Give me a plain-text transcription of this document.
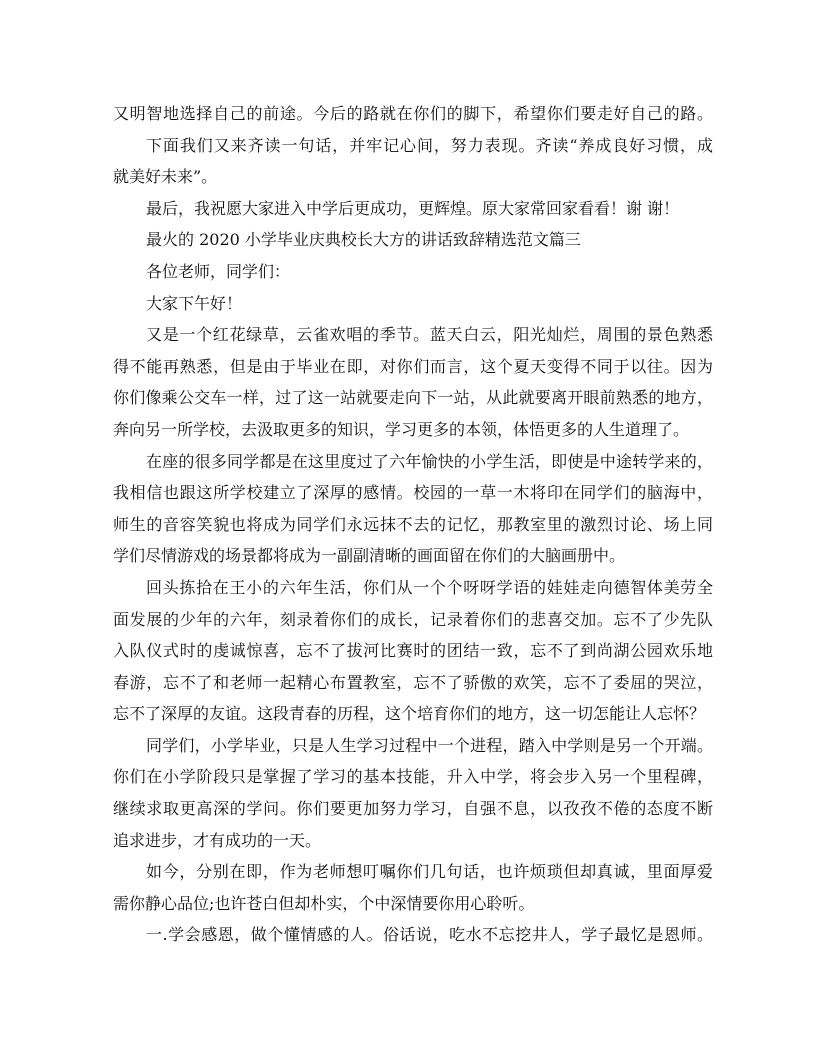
又明智地选择自己的前途。今后的路就在你们的脚下，希望你们要走好自己的路。
下面我们又来齐读一句话，并牢记心间，努力表现。齐读“养成良好习惯，成
就美好未来”。
最后，我祝愿大家进入中学后更成功，更辉煌。原大家常回家看看！谢 谢！
最火的 2020 小学毕业庆典校长大方的讲话致辞精选范文篇三
各位老师，同学们：
大家下午好！
又是一个红花绿草，云雀欢唱的季节。蓝天白云，阳光灿烂，周围的景色熟悉
得不能再熟悉，但是由于毕业在即，对你们而言，这个夏天变得不同于以往。因为
你们像乘公交车一样，过了这一站就要走向下一站，从此就要离开眼前熟悉的地方，
奔向另一所学校，去汲取更多的知识，学习更多的本领，体悟更多的人生道理了。
在座的很多同学都是在这里度过了六年愉快的小学生活，即使是中途转学来的，
我相信也跟这所学校建立了深厚的感情。校园的一草一木将印在同学们的脑海中，
师生的音容笑貌也将成为同学们永远抹不去的记忆，那教室里的激烈讨论、场上同
学们尽情游戏的场景都将成为一副副清晰的画面留在你们的大脑画册中。
回头拣拾在王小的六年生活，你们从一个个呀呀学语的娃娃走向德智体美劳全
面发展的少年的六年，刻录着你们的成长，记录着你们的悲喜交加。忘不了少先队
入队仪式时的虔诚惊喜，忘不了拔河比赛时的团结一致，忘不了到尚湖公园欢乐地
春游，忘不了和老师一起精心布置教室，忘不了骄傲的欢笑，忘不了委屈的哭泣，
忘不了深厚的友谊。这段青春的历程，这个培育你们的地方，这一切怎能让人忘怀？
同学们，小学毕业，只是人生学习过程中一个进程，踏入中学则是另一个开端。
你们在小学阶段只是掌握了学习的基本技能，升入中学，将会步入另一个里程碑，
继续求取更高深的学问。你们要更加努力学习，自强不息，以孜孜不倦的态度不断
追求进步，才有成功的一天。
如今，分别在即，作为老师想叮嘱你们几句话，也许烦琐但却真诚，里面厚爱
需你静心品位;也许苍白但却朴实，个中深情要你用心聆听。
一.学会感恩，做个懂情感的人。俗话说，吃水不忘挖井人，学子最忆是恩师。
